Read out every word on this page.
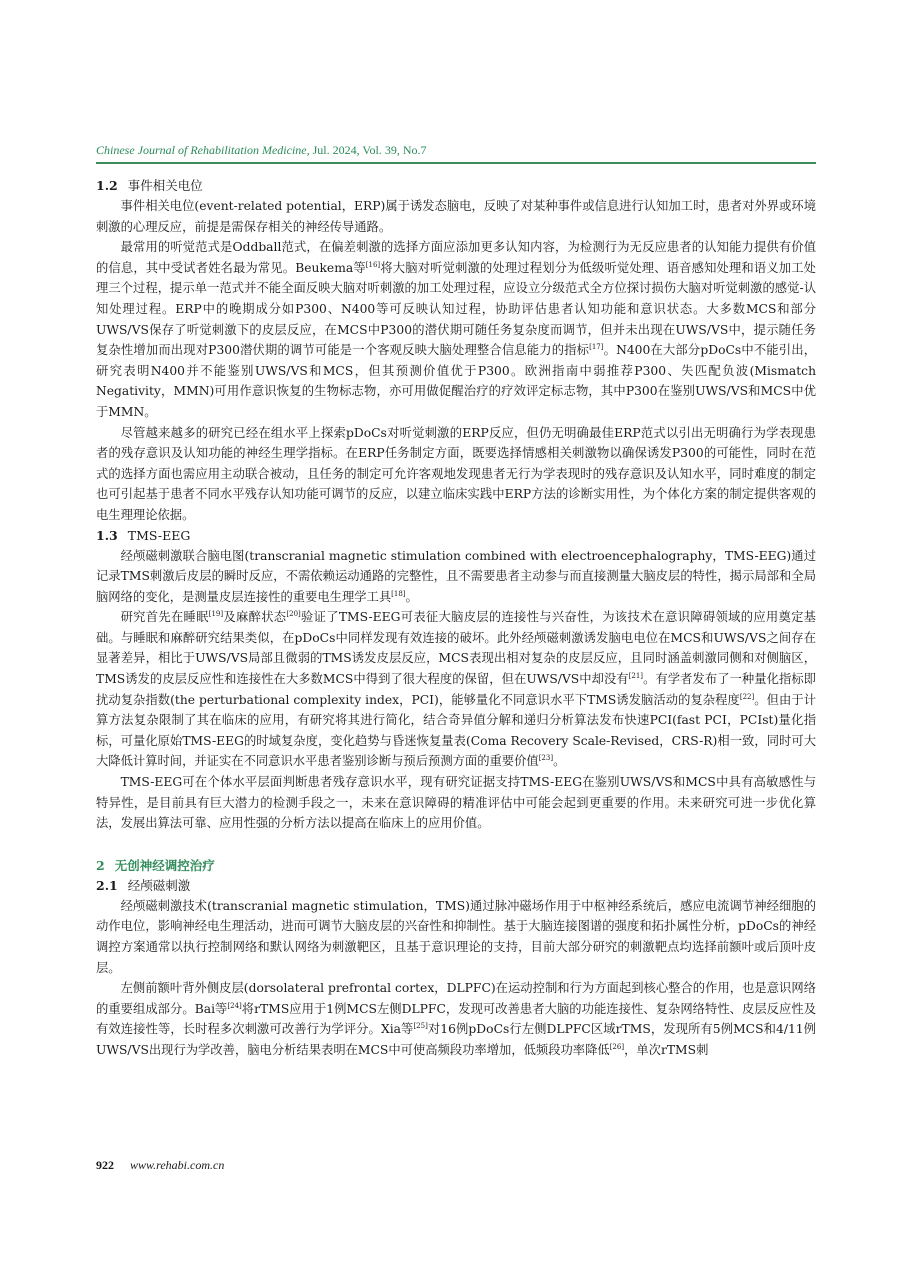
Chinese Journal of Rehabilitation Medicine, Jul. 2024, Vol. 39, No.7
1.2 事件相关电位

事件相关电位(event-related potential，ERP)属于诱发态脑电，反映了对某种事件或信息进行认知加工时，患者对外界或环境刺激的心理反应，前提是需保存相关的神经传导通路。

最常用的听觉范式是Oddball范式，在偏差刺激的选择方面应添加更多认知内容，为检测行为无反应患者的认知能力提供有价值的信息，其中受试者姓名最为常见。Beukema等[16]将大脑对听觉刺激的处理过程划分为低级听觉处理、语音感知处理和语义加工处理三个过程，提示单一范式并不能全面反映大脑对听刺激的加工处理过程，应设立分级范式全方位探讨损伤大脑对听觉刺激的感觉-认知处理过程。ERP中的晚期成分如P300、N400等可反映认知过程，协助评估患者认知功能和意识状态。大多数MCS和部分UWS/VS保存了听觉刺激下的皮层反应，在MCS中P300的潜伏期可随任务复杂度而调节，但并未出现在UWS/VS中，提示随任务复杂性增加而出现对P300潜伏期的调节可能是一个客观反映大脑处理整合信息能力的指标[17]。N400在大部分pDoCs中不能引出，研究表明N400并不能鉴别UWS/VS和MCS，但其预测价值优于P300。欧洲指南中弱推荐P300、失匹配负波(Mismatch Negativity，MMN)可用作意识恢复的生物标志物，亦可用做促醒治疗的疗效评定标志物，其中P300在鉴别UWS/VS和MCS中优于MMN。

尽管越来越多的研究已经在组水平上探索pDoCs对听觉刺激的ERP反应，但仍无明确最佳ERP范式以引出无明确行为学表现患者的残存意识及认知功能的神经生理学指标。在ERP任务制定方面，既要选择情感相关刺激物以确保诱发P300的可能性，同时在范式的选择方面也需应用主动联合被动，且任务的制定可允许客观地发现患者无行为学表现时的残存意识及认知水平，同时难度的制定也可引起基于患者不同水平残存认知功能可调节的反应，以建立临床实践中ERP方法的诊断实用性，为个体化方案的制定提供客观的电生理理论依据。

1.3 TMS-EEG

经颅磁刺激联合脑电图(transcranial magnetic stimulation combined with electroencephalography，TMS-EEG)通过记录TMS刺激后皮层的瞬时反应，不需依赖运动通路的完整性，且不需要患者主动参与而直接测量大脑皮层的特性，揭示局部和全局脑网络的变化，是测量皮层连接性的重要电生理学工具[18]。

研究首先在睡眠[19]及麻醉状态[20]验证了TMS-EEG可表征大脑皮层的连接性与兴奋性，为该技术在意识障碍领域的应用奠定基础。与睡眠和麻醉研究结果类似，在pDoCs中同样发现有效连接的破坏。此外经颅磁刺激诱发脑电电位在MCS和UWS/VS之间存在显著差异，相比于UWS/VS局部且微弱的TMS诱发皮层反应，MCS表现出相对复杂的皮层反应，且同时涵盖刺激同侧和对侧脑区，TMS诱发的皮层反应性和连接性在大多数MCS中得到了很大程度的保留，但在UWS/VS中却没有[21]。有学者发布了一种量化指标即扰动复杂指数(the perturbational complexity index，PCI)，能够量化不同意识水平下TMS诱发脑活动的复杂程度[22]。但由于计算方法复杂限制了其在临床的应用，有研究将其进行简化，结合奇异值分解和递归分析算法发布快速PCI(fast PCI，PCIst)量化指标，可量化原始TMS-EEG的时域复杂度，变化趋势与昏迷恢复量表(Coma Recovery Scale-Revised，CRS-R)相一致，同时可大大降低计算时间，并证实在不同意识水平患者鉴别诊断与预后预测方面的重要价值[23]。

TMS-EEG可在个体水平层面判断患者残存意识水平，现有研究证据支持TMS-EEG在鉴别UWS/VS和MCS中具有高敏感性与特异性，是目前具有巨大潜力的检测手段之一，未来在意识障碍的精准评估中可能会起到更重要的作用。未来研究可进一步优化算法，发展出算法可靠、应用性强的分析方法以提高在临床上的应用价值。

2 无创神经调控治疗
2.1 经颅磁刺激

经颅磁刺激技术(transcranial magnetic stimulation，TMS)通过脉冲磁场作用于中枢神经系统后，感应电流调节神经细胞的动作电位，影响神经电生理活动，进而可调节大脑皮层的兴奋性和抑制性。基于大脑连接图谱的强度和拓扑属性分析，pDoCs的神经调控方案通常以执行控制网络和默认网络为刺激靶区，且基于意识理论的支持，目前大部分研究的刺激靶点均选择前额叶或后顶叶皮层。

左侧前额叶背外侧皮层(dorsolateral prefrontal cortex，DLPFC)在运动控制和行为方面起到核心整合的作用，也是意识网络的重要组成部分。Bai等[24]将rTMS应用于1例MCS左侧DLPFC，发现可改善患者大脑的功能连接性、复杂网络特性、皮层反应性及有效连接性等，长时程多次刺激可改善行为学评分。Xia等[25]对16例pDoCs行左侧DLPFC区域rTMS，发现所有5例MCS和4/11例UWS/VS出现行为学改善，脑电分析结果表明在MCS中可使高频段功率增加，低频段功率降低[26]，单次rTMS刺

922 www.rehabi.com.cn
